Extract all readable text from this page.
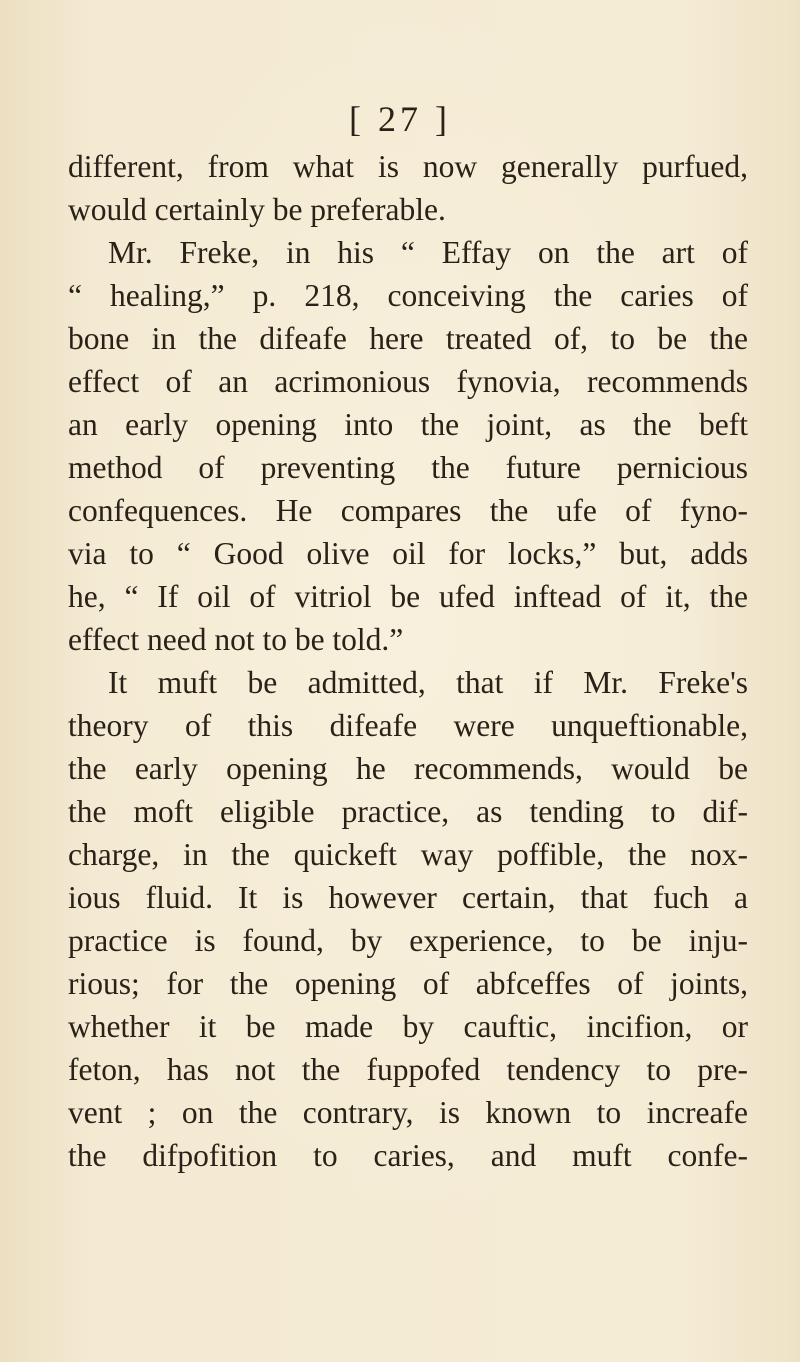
[ 27 ]
different, from what is now generally purfued,
would certainly be preferable.
Mr. Freke, in his “ Effay on the art of
“ healing,” p. 218, conceiving the caries of
bone in the difeafe here treated of, to be the
effect of an acrimonious fynovia, recommends
an early opening into the joint, as the beft
method of preventing the future pernicious
confequences. He compares the ufe of fyno-
via to “ Good olive oil for locks,” but, adds
he, “ If oil of vitriol be ufed inftead of it, the
effect need not to be told.”
It muft be admitted, that if Mr. Freke's
theory of this difeafe were unqueftionable,
the early opening he recommends, would be
the moft eligible practice, as tending to dif-
charge, in the quickeft way poffible, the nox-
ious fluid. It is however certain, that fuch a
practice is found, by experience, to be inju-
rious; for the opening of abfceffes of joints,
whether it be made by cauftic, incifion, or
feton, has not the fuppofed tendency to pre-
vent ; on the contrary, is known to increafe
the difpofition to caries, and muft confe-
